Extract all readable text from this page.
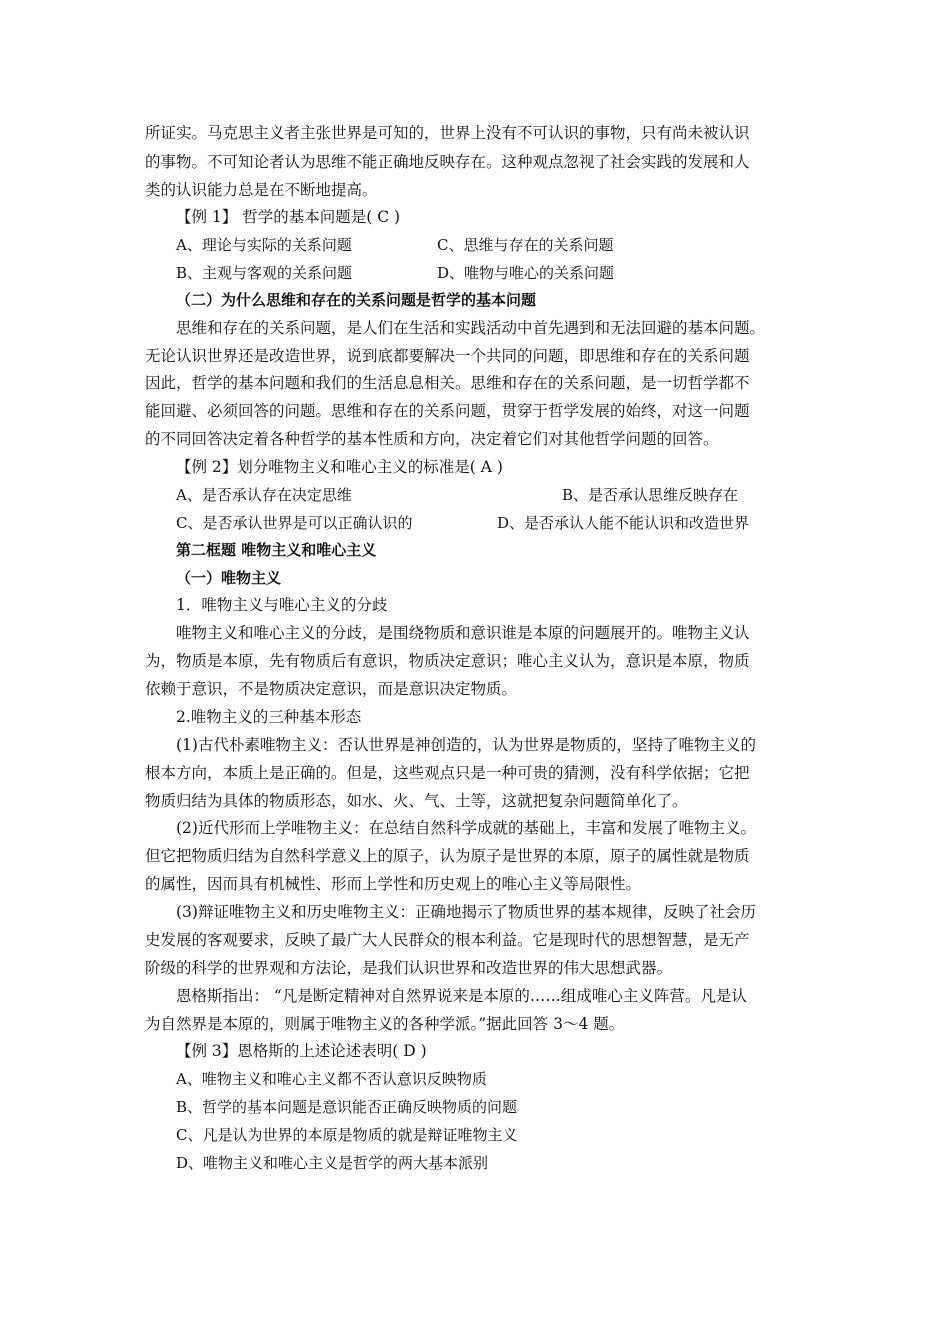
所证实。马克思主义者主张世界是可知的，世界上没有不可认识的事物，只有尚未被认识
的事物。不可知论者认为思维不能正确地反映存在。这种观点忽视了社会实践的发展和人
类的认识能力总是在不断地提高。
【例 1】 哲学的基本问题是( C )
A、理论与实际的关系问题	C、思维与存在的关系问题
B、主观与客观的关系问题	D、唯物与唯心的关系问题
（二）为什么思维和存在的关系问题是哲学的基本问题
思维和存在的关系问题，是人们在生活和实践活动中首先遇到和无法回避的基本问题。
无论认识世界还是改造世界，说到底都要解决一个共同的问题，即思维和存在的关系问题
因此，哲学的基本问题和我们的生活息息相关。思维和存在的关系问题，是一切哲学都不
能回避、必须回答的问题。思维和存在的关系问题，贯穿于哲学发展的始终，对这一问题
的不同回答决定着各种哲学的基本性质和方向，决定着它们对其他哲学问题的回答。
【例 2】划分唯物主义和唯心主义的标准是( A )
A、是否承认存在决定思维	B、是否承认思维反映存在
C、是否承认世界是可以正确认识的	D、是否承认人能不能认识和改造世界
第二框题 唯物主义和唯心主义
（一）唯物主义
1．唯物主义与唯心主义的分歧
唯物主义和唯心主义的分歧，是围绕物质和意识谁是本原的问题展开的。唯物主义认
为，物质是本原，先有物质后有意识，物质决定意识；唯心主义认为，意识是本原，物质
依赖于意识，不是物质决定意识，而是意识决定物质。
2.唯物主义的三种基本形态
(1)古代朴素唯物主义：否认世界是神创造的，认为世界是物质的，坚持了唯物主义的
根本方向，本质上是正确的。但是，这些观点只是一种可贵的猜测，没有科学依据；它把
物质归结为具体的物质形态，如水、火、气、土等，这就把复杂问题简单化了。
(2)近代形而上学唯物主义：在总结自然科学成就的基础上，丰富和发展了唯物主义。
但它把物质归结为自然科学意义上的原子，认为原子是世界的本原，原子的属性就是物质
的属性，因而具有机械性、形而上学性和历史观上的唯心主义等局限性。
(3)辩证唯物主义和历史唯物主义：正确地揭示了物质世界的基本规律，反映了社会历
史发展的客观要求，反映了最广大人民群众的根本利益。它是现时代的思想智慧，是无产
阶级的科学的世界观和方法论，是我们认识世界和改造世界的伟大思想武器。
恩格斯指出： “凡是断定精神对自然界说来是本原的……组成唯心主义阵营。凡是认
为自然界是本原的，则属于唯物主义的各种学派。”据此回答 3～4 题。
【例 3】恩格斯的上述论述表明( D )
A、唯物主义和唯心主义都不否认意识反映物质
B、哲学的基本问题是意识能否正确反映物质的问题
C、凡是认为世界的本原是物质的就是辩证唯物主义
D、唯物主义和唯心主义是哲学的两大基本派别
